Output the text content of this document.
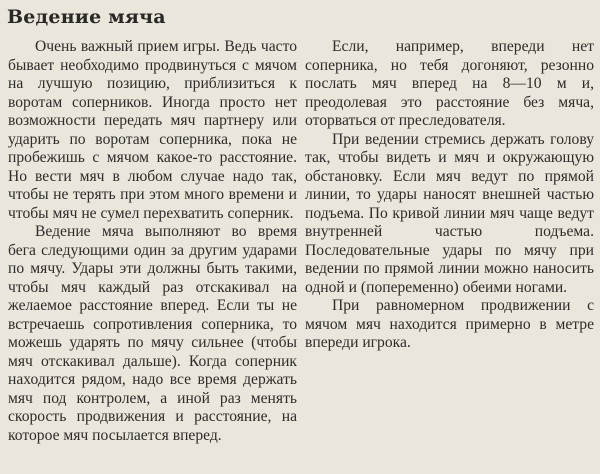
Ведение мяча

Очень важный прием игры. Ведь часто бывает необходимо продвинуться с мячом на лучшую позицию, приблизиться к воротам соперников. Иногда просто нет возможности передать мяч партнеру или ударить по воротам соперника, пока не пробежишь с мячом какое-то расстояние. Но вести мяч в любом случае надо так, чтобы не терять при этом много времени и чтобы мяч не сумел перехватить соперник.

Ведение мяча выполняют во время бега следующими один за другим ударами по мячу. Удары эти должны быть такими, чтобы мяч каждый раз отскакивал на желаемое расстояние вперед. Если ты не встречаешь сопротивления соперника, то можешь ударять по мячу сильнее (чтобы мяч отскакивал дальше). Когда соперник находится рядом, надо все время держать мяч под контролем, а иной раз менять скорость продвижения и расстояние, на которое мяч посылается вперед.

Если, например, впереди нет соперника, но тебя догоняют, резонно послать мяч вперед на 8—10 м и, преодолевая это расстояние без мяча, оторваться от преследователя.

При ведении стремись держать голову так, чтобы видеть и мяч и окружающую обстановку. Если мяч ведут по прямой линии, то удары наносят внешней частью подъема. По кривой линии мяч чаще ведут внутренней частью подъема. Последовательные удары по мячу при ведении по прямой линии можно наносить одной и (попеременно) обеими ногами.

При равномерном продвижении с мячом мяч находится примерно в метре впереди игрока.
